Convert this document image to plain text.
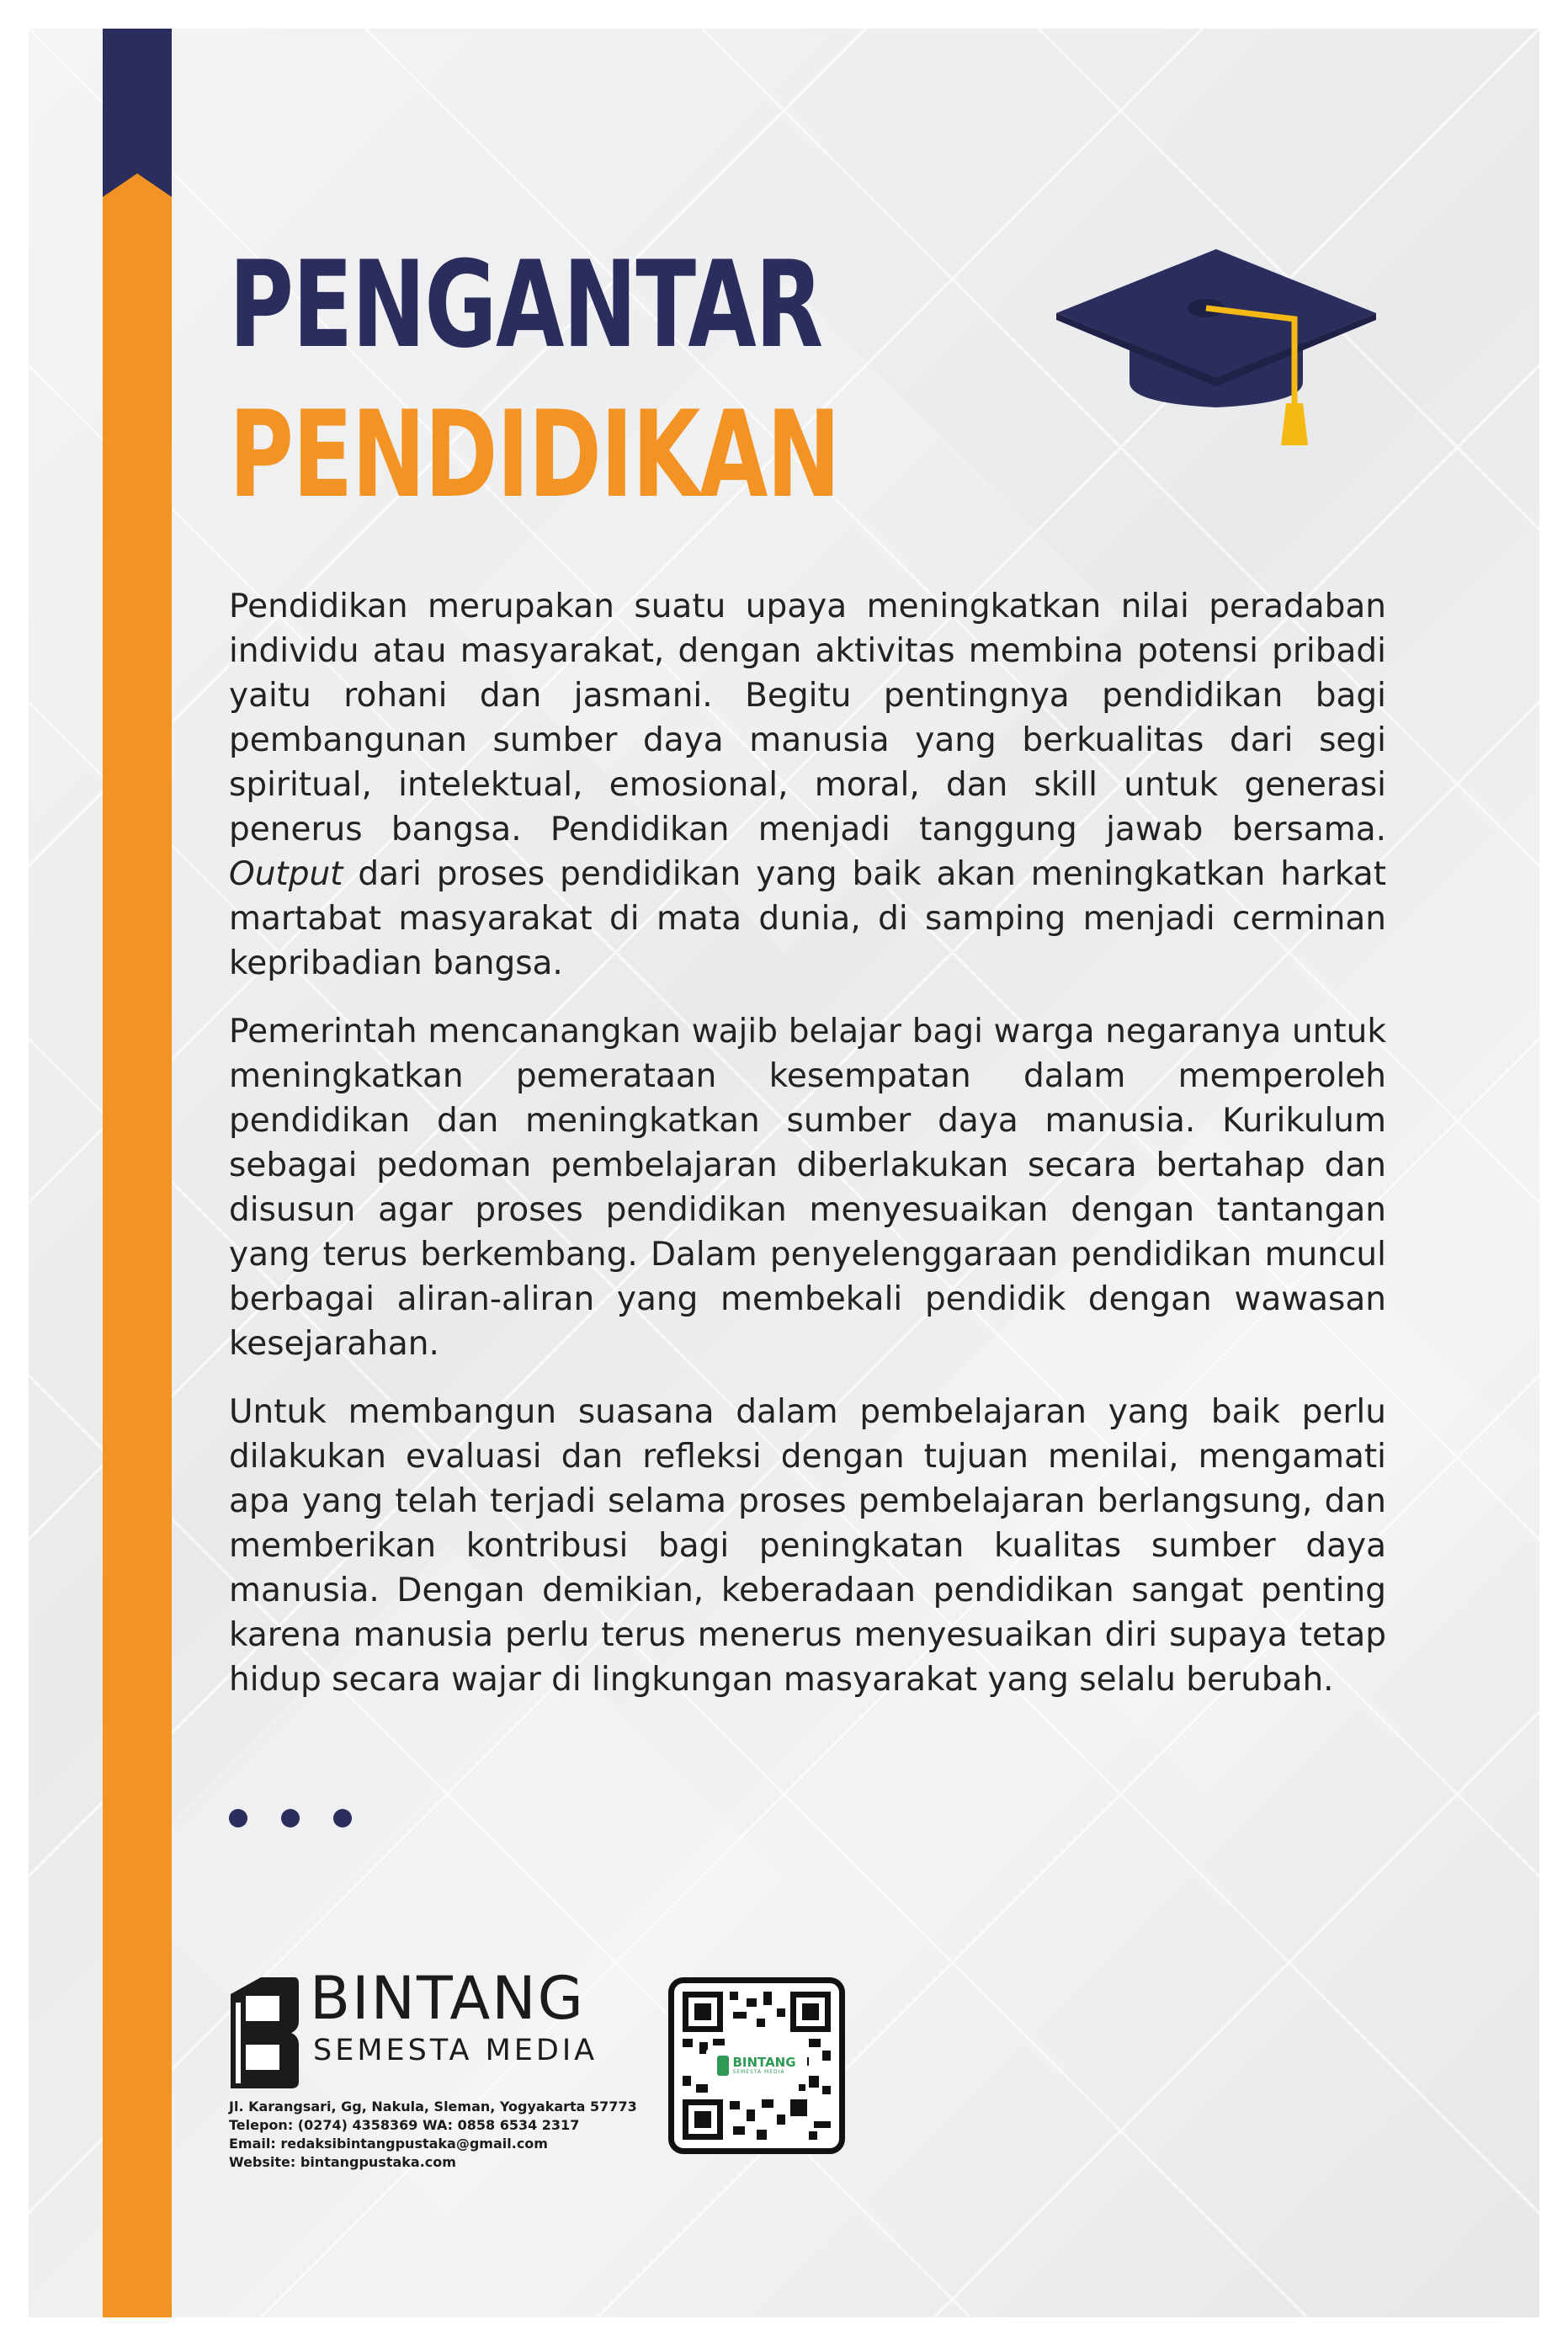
PENGANTAR
PENDIDIKAN

Pendidikan merupakan suatu upaya meningkatkan nilai peradaban individu atau masyarakat, dengan aktivitas membina potensi pribadi yaitu rohani dan jasmani. Begitu pentingnya pendidikan bagi pembangunan sumber daya manusia yang berkualitas dari segi spiritual, intelektual, emosional, moral, dan skill untuk generasi penerus bangsa. Pendidikan menjadi tanggung jawab bersama. Output dari proses pendidikan yang baik akan meningkatkan harkat martabat masyarakat di mata dunia, di samping menjadi cerminan kepribadian bangsa.

Pemerintah mencanangkan wajib belajar bagi warga negaranya untuk meningkatkan pemerataan kesempatan dalam memperoleh pendidikan dan meningkatkan sumber daya manusia. Kurikulum sebagai pedoman pembelajaran diberlakukan secara bertahap dan disusun agar proses pendidikan menyesuaikan dengan tantangan yang terus berkembang. Dalam penyelenggaraan pendidikan muncul berbagai aliran-aliran yang membekali pendidik dengan wawasan kesejarahan.

Untuk membangun suasana dalam pembelajaran yang baik perlu dilakukan evaluasi dan refleksi dengan tujuan menilai, mengamati apa yang telah terjadi selama proses pembelajaran berlangsung, dan memberikan kontribusi bagi peningkatan kualitas sumber daya manusia. Dengan demikian, keberadaan pendidikan sangat penting karena manusia perlu terus menerus menyesuaikan diri supaya tetap hidup secara wajar di lingkungan masyarakat yang selalu berubah.

BINTANG
SEMESTA MEDIA
Jl. Karangsari, Gg, Nakula, Sleman, Yogyakarta 57773
Telepon: (0274) 4358369 WA: 0858 6534 2317
Email: redaksibintangpustaka@gmail.com
Website: bintangpustaka.com
BINTANG
SEMESTA MEDIA
